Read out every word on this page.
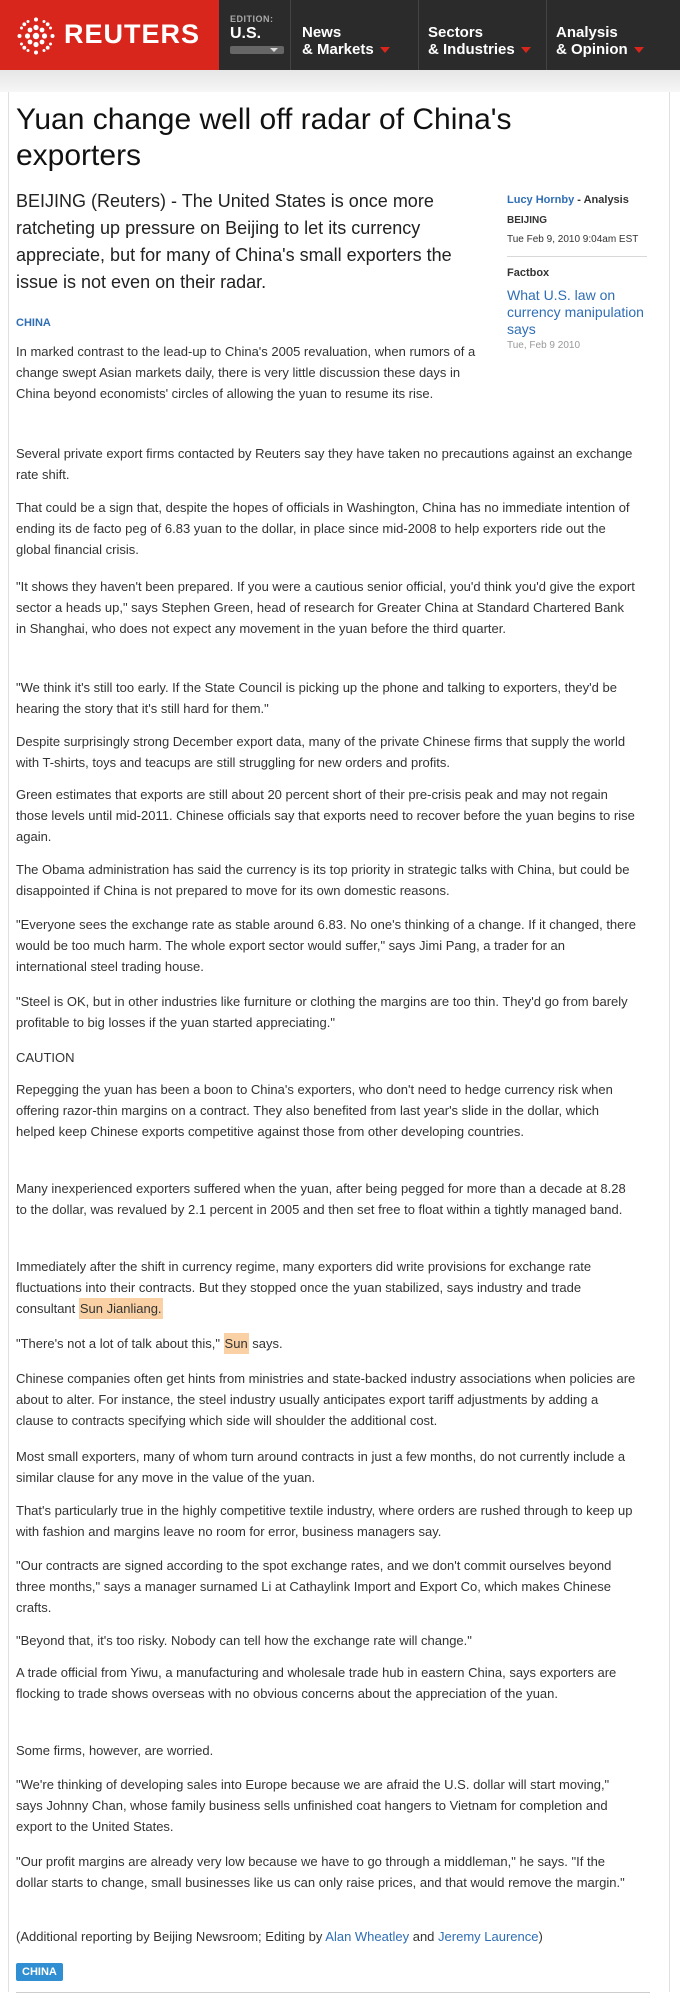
REUTERS	EDITION:
U.S.	News
& Markets
Sectors
& Industries
Analysis
& Opinion
Yuan change well off radar of China's exporters

BEIJING (Reuters) - The United States is once more ratcheting up pressure on Beijing to let its currency appreciate, but for many of China's small exporters the issue is not even on their radar.

CHINA
Lucy Hornby - Analysis
BEIJING
Tue Feb 9, 2010 9:04am EST
Factbox
What U.S. law on currency manipulation says
Tue, Feb 9 2010

In marked contrast to the lead-up to China's 2005 revaluation, when rumors of a change swept Asian markets daily, there is very little discussion these days in China beyond economists' circles of allowing the yuan to resume its rise.

Several private export firms contacted by Reuters say they have taken no precautions against an exchange rate shift.

That could be a sign that, despite the hopes of officials in Washington, China has no immediate intention of ending its de facto peg of 6.83 yuan to the dollar, in place since mid-2008 to help exporters ride out the global financial crisis.

"It shows they haven't been prepared. If you were a cautious senior official, you'd think you'd give the export sector a heads up," says Stephen Green, head of research for Greater China at Standard Chartered Bank in Shanghai, who does not expect any movement in the yuan before the third quarter.

"We think it's still too early. If the State Council is picking up the phone and talking to exporters, they'd be hearing the story that it's still hard for them."

Despite surprisingly strong December export data, many of the private Chinese firms that supply the world with T-shirts, toys and teacups are still struggling for new orders and profits.

Green estimates that exports are still about 20 percent short of their pre-crisis peak and may not regain those levels until mid-2011. Chinese officials say that exports need to recover before the yuan begins to rise again.

The Obama administration has said the currency is its top priority in strategic talks with China, but could be disappointed if China is not prepared to move for its own domestic reasons.

"Everyone sees the exchange rate as stable around 6.83. No one's thinking of a change. If it changed, there would be too much harm. The whole export sector would suffer," says Jimi Pang, a trader for an international steel trading house.

"Steel is OK, but in other industries like furniture or clothing the margins are too thin. They'd go from barely profitable to big losses if the yuan started appreciating."

CAUTION

Repegging the yuan has been a boon to China's exporters, who don't need to hedge currency risk when offering razor-thin margins on a contract. They also benefited from last year's slide in the dollar, which helped keep Chinese exports competitive against those from other developing countries.

Many inexperienced exporters suffered when the yuan, after being pegged for more than a decade at 8.28 to the dollar, was revalued by 2.1 percent in 2005 and then set free to float within a tightly managed band.

Immediately after the shift in currency regime, many exporters did write provisions for exchange rate fluctuations into their contracts. But they stopped once the yuan stabilized, says industry and trade consultant Sun Jianliang.

"There's not a lot of talk about this," Sun says.

Chinese companies often get hints from ministries and state-backed industry associations when policies are about to alter. For instance, the steel industry usually anticipates export tariff adjustments by adding a clause to contracts specifying which side will shoulder the additional cost.

Most small exporters, many of whom turn around contracts in just a few months, do not currently include a similar clause for any move in the value of the yuan.

That's particularly true in the highly competitive textile industry, where orders are rushed through to keep up with fashion and margins leave no room for error, business managers say.

"Our contracts are signed according to the spot exchange rates, and we don't commit ourselves beyond three months," says a manager surnamed Li at Cathaylink Import and Export Co, which makes Chinese crafts.

"Beyond that, it's too risky. Nobody can tell how the exchange rate will change."

A trade official from Yiwu, a manufacturing and wholesale trade hub in eastern China, says exporters are flocking to trade shows overseas with no obvious concerns about the appreciation of the yuan.

Some firms, however, are worried.

"We're thinking of developing sales into Europe because we are afraid the U.S. dollar will start moving," says Johnny Chan, whose family business sells unfinished coat hangers to Vietnam for completion and export to the United States.

"Our profit margins are already very low because we have to go through a middleman," he says. "If the dollar starts to change, small businesses like us can only raise prices, and that would remove the margin."

(Additional reporting by Beijing Newsroom; Editing by Alan Wheatley and Jeremy Laurence)

CHINA
